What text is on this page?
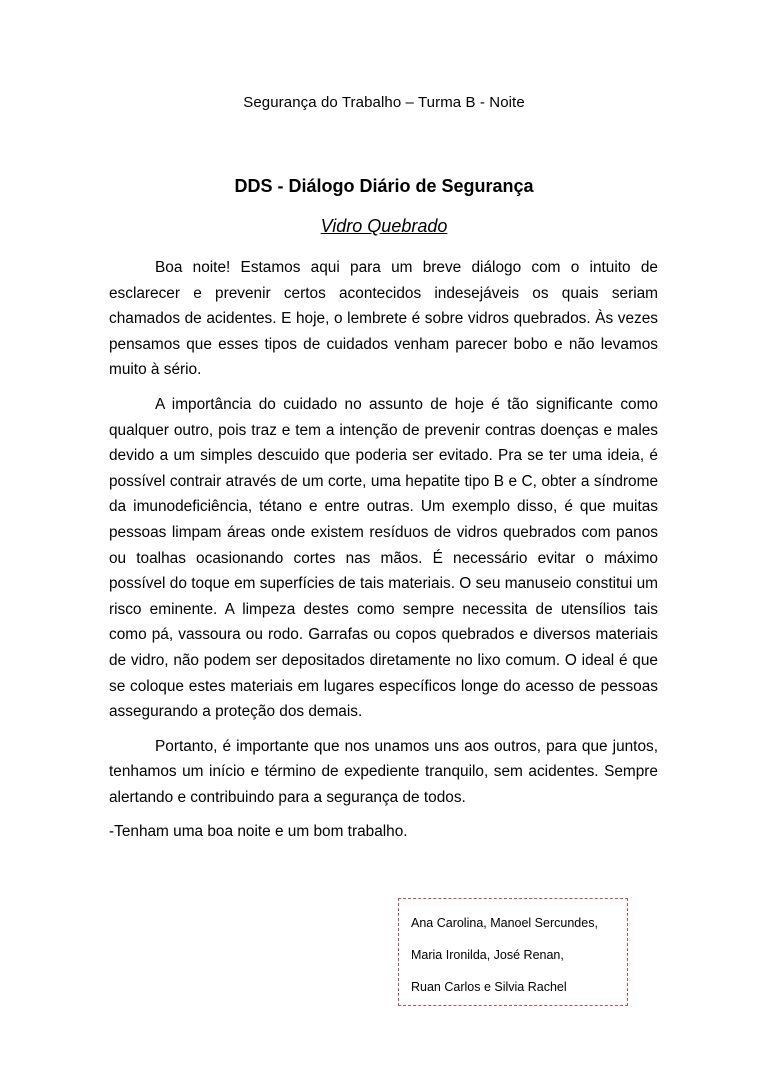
Segurança do Trabalho – Turma B - Noite
DDS - Diálogo Diário de Segurança
Vidro Quebrado

Boa noite! Estamos aqui para um breve diálogo com o intuito de esclarecer e prevenir certos acontecidos indesejáveis os quais seriam chamados de acidentes. E hoje, o lembrete é sobre vidros quebrados. Às vezes pensamos que esses tipos de cuidados venham parecer bobo e não levamos muito à sério.

A importância do cuidado no assunto de hoje é tão significante como qualquer outro, pois traz e tem a intenção de prevenir contras doenças e males devido a um simples descuido que poderia ser evitado. Pra se ter uma ideia, é possível contrair através de um corte, uma hepatite tipo B e C, obter a síndrome da imunodeficiência, tétano e entre outras. Um exemplo disso, é que muitas pessoas limpam áreas onde existem resíduos de vidros quebrados com panos ou toalhas ocasionando cortes nas mãos. É necessário evitar o máximo possível do toque em superfícies de tais materiais. O seu manuseio constitui um risco eminente. A limpeza destes como sempre necessita de utensílios tais como pá, vassoura ou rodo. Garrafas ou copos quebrados e diversos materiais de vidro, não podem ser depositados diretamente no lixo comum. O ideal é que se coloque estes materiais em lugares específicos longe do acesso de pessoas assegurando a proteção dos demais.

Portanto, é importante que nos unamos uns aos outros, para que juntos, tenhamos um início e término de expediente tranquilo, sem acidentes. Sempre alertando e contribuindo para a segurança de todos.

-Tenham uma boa noite e um bom trabalho.

Ana Carolina, Manoel Sercundes,
Maria Ironilda, José Renan,
Ruan Carlos e Silvia Rachel
